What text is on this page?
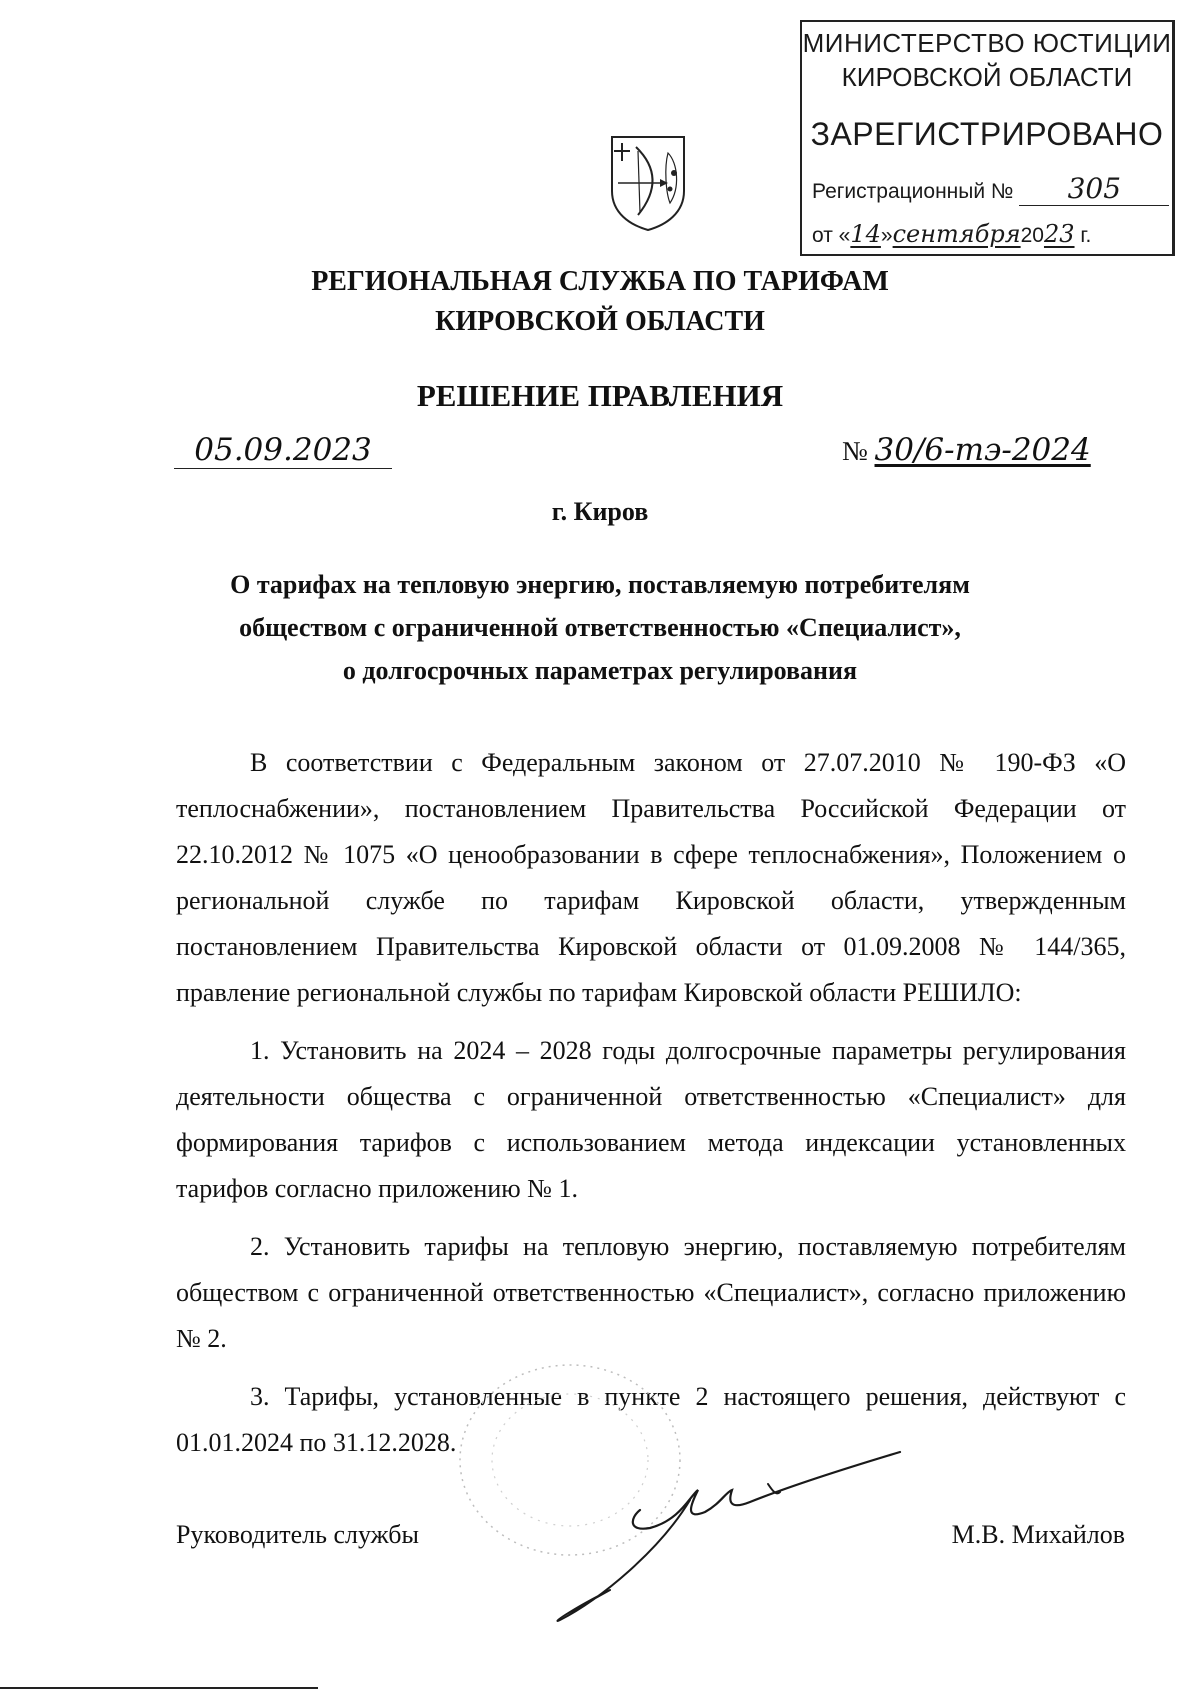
МИНИСТЕРСТВО ЮСТИЦИИ
КИРОВСКОЙ ОБЛАСТИ
ЗАРЕГИСТРИРОВАНО
Регистрационный № 305
от «14»сентября2023 г.
РЕГИОНАЛЬНАЯ СЛУЖБА ПО ТАРИФАМ
КИРОВСКОЙ ОБЛАСТИ
РЕШЕНИЕ ПРАВЛЕНИЯ
05.09.2023	№ 30/6-тэ-2024
г. Киров
О тарифах на тепловую энергию, поставляемую потребителям
обществом с ограниченной ответственностью «Специалист»,
о долгосрочных параметрах регулирования

В соответствии с Федеральным законом от 27.07.2010 № 190-ФЗ «О теплоснабжении», постановлением Правительства Российской Федерации от 22.10.2012 № 1075 «О ценообразовании в сфере теплоснабжения», Положением о региональной службе по тарифам Кировской области, утвержденным постановлением Правительства Кировской области от 01.09.2008 № 144/365, правление региональной службы по тарифам Кировской области РЕШИЛО:

1. Установить на 2024 – 2028 годы долгосрочные параметры регулирования деятельности общества с ограниченной ответственностью «Специалист» для формирования тарифов с использованием метода индексации установленных тарифов согласно приложению № 1.

2. Установить тарифы на тепловую энергию, поставляемую потребителям обществом с ограниченной ответственностью «Специалист», согласно приложению № 2.

3. Тарифы, установленные в пункте 2 настоящего решения, действуют с 01.01.2024 по 31.12.2028.

Руководитель службы	М.В. Михайлов
